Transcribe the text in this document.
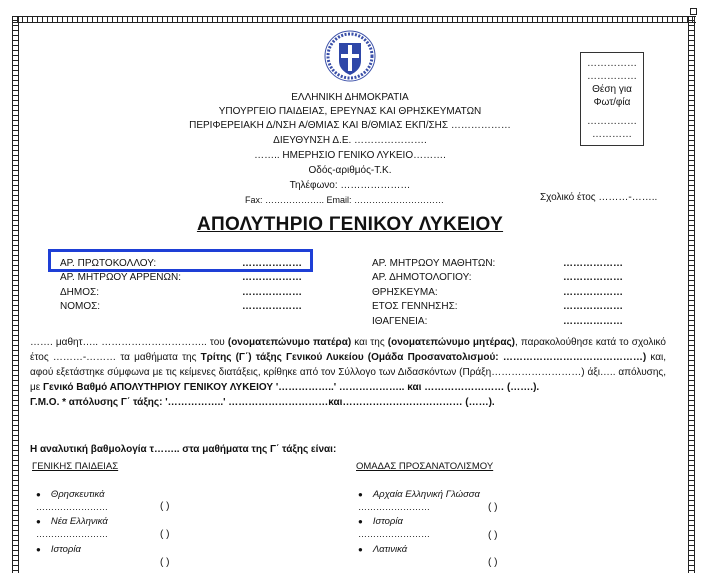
ΕΛΛΗΝΙΚΗ ΔΗΜΟΚΡΑΤΙΑ
ΥΠΟΥΡΓΕΙΟ ΠΑΙΔΕΙΑΣ, ΕΡΕΥΝΑΣ ΚΑΙ ΘΡΗΣΚΕΥΜΑΤΩΝ
ΠΕΡΙΦΕΡΕΙΑΚΗ Δ/ΝΣΗ Α/ΘΜΙΑΣ ΚΑΙ Β/ΘΜΙΑΣ ΕΚΠ/ΣΗΣ ………………
ΔΙΕΥΘΥΝΣΗ Δ.Ε. ………………….
…….. ΗΜΕΡΗΣΙΟ ΓΕΝΙΚΟ ΛΥΚΕΙΟ……….
Οδός-αριθμός-Τ.Κ.
Τηλέφωνο: …………………
Fax: ……………….. Email: …………………………
……………
……………
Θέση για
Φωτ/φία
……………
…………
Σχολικό έτος ………-……..
ΑΠΟΛΥΤΗΡΙΟ ΓΕΝΙΚΟΥ ΛΥΚΕΙΟΥ
ΑΡ. ΠΡΩΤΟΚΟΛΛΟΥ:	………………
ΑΡ. ΜΗΤΡΩΟΥ ΑΡΡΕΝΩΝ:	………………
ΔΗΜΟΣ:	………………
ΝΟΜΟΣ:	………………
ΑΡ. ΜΗΤΡΩΟΥ ΜΑΘΗΤΩΝ:	………………
ΑΡ. ΔΗΜΟΤΟΛΟΓΙΟΥ:	………………
ΘΡΗΣΚΕΥΜΑ:	………………
ΕΤΟΣ ΓΕΝΝΗΣΗΣ:	………………
ΙΘΑΓΕΝΕΙΑ:	………………
……. μαθητ….. ………………………….. του (ονοματεπώνυμο πατέρα) και της (ονοματεπώνυμο μητέρας), παρακολούθησε κατά το σχολικό έτος ………-……… τα μαθήματα της Τρίτης (Γ΄) τάξης Γενικού Λυκείου (Ομάδα Προσανατολισμού: ……………………………………) και, αφού εξετάστηκε σύμφωνα με τις κείμενες διατάξεις, κρίθηκε από τον Σύλλογο των Διδασκόντων (Πράξη………………………) άξι….. απόλυσης, με Γενικό Βαθμό ΑΠΟΛΥΤΗΡΙΟΥ ΓΕΝΙΚΟΥ ΛΥΚΕΙΟΥ '……………..' ……………….. και …………………… (…….).
Γ.Μ.Ο. * απόλυσης Γ΄ τάξης: '……………..' …………………………και……………………………… (……).
Η αναλυτική βαθμολογία τ…….. στα μαθήματα της Γ΄ τάξης είναι:
ΓΕΝΙΚΗΣ ΠΑΙΔΕΙΑΣ	ΟΜΑΔΑΣ ΠΡΟΣΑΝΑΤΟΛΙΣΜΟΥ
● Θρησκευτικά
……………………	( )
● Νέα Ελληνικά
……………………	( )
● Ιστορία
( )
● Αρχαία Ελληνική Γλώσσα
……………………	( )
● Ιστορία
……………………	( )
● Λατινικά
( )
